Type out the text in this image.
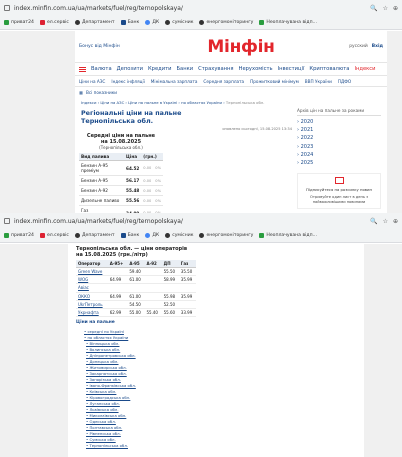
index.minfin.com.ua/ua/markets/fuel/reg/ternopolskaya/	🔍 ☆ ⊕
приват24	ел.сервіс	Департамент	Банк	ДК	сумісник	енергомоніторингу	Неоплачувана відп...
Бонус від Мінфін	Мінфін	русский Вхід
Валюта Депозити Кредити Банки Страхування Нерухомість Інвестиції Криптовалюта Індекси
Ціни на АЗС Індекс інфляції Мінімальна зарплата Середня зарплата Прожитковий мінімум ВВП України ПДФО
▦ Всі показники
Індекси › Ціни на АЗС › Ціни на пальне в Україні › по областях України › Тернопільська обл.
Регіональні ціни на пальне
Тернопільська обл.
оновлено сьогодні, 15.08.2025 13:34
Середні ціни на пальне
на 15.08.2025
(Тернопільська обл.)
Вид палива	Ціна	(грн.)	
Бензин А-95 преміум	64.52	0.00	0%
Бензин А-95	56.17	0.00	0%
Бензин А-92	55.48	0.00	0%
Дизельне паливо	55.56	0.00	0%
Газ			
Архів цін на пальне за роками
› 2020
› 2021
› 2022
› 2023
› 2024
› 2025
Підписуйтеся на розсилку новин
Отримуйте один лист в день з найважливішими новинами
index.minfin.com.ua/ua/markets/fuel/reg/ternopolskaya/	🔍 ☆ ⊕
приват24	ел.сервіс	Департамент	Банк	ДК	сумісник	енергомоніторингу	Неоплачувана відп...
Тернопільська обл. — ціни операторів
на 15.08.2025 (грн./літр)
Оператор	А-95+	А-95	А-92	ДП	Газ
Green Wave		59.40		55.50	35.50
WOG	64.99	61.00		58.99	35.99
Авіас					
ОККО	64.99	61.00		55.98	35.99
UkrПетроль		54.50		52.50	
Укрнафта	62.99	55.00	55.40	55.60	33.99
Ціни на пальне
• середні по Україні
• по областях України
• Вінницька обл.
• Волинська обл.
• Дніпропетровська обл.
• Донецька обл.
• Житомирська обл.
• Закарпатська обл.
• Запорізька обл.
• Івано-Франківська обл.
• Київська обл.
• Кіровоградська обл.
• Луганська обл.
• Львівська обл.
• Миколаївська обл.
• Одеська обл.
• Полтавська обл.
• Рівненська обл.
• Сумська обл.
• Тернопільська обл.
